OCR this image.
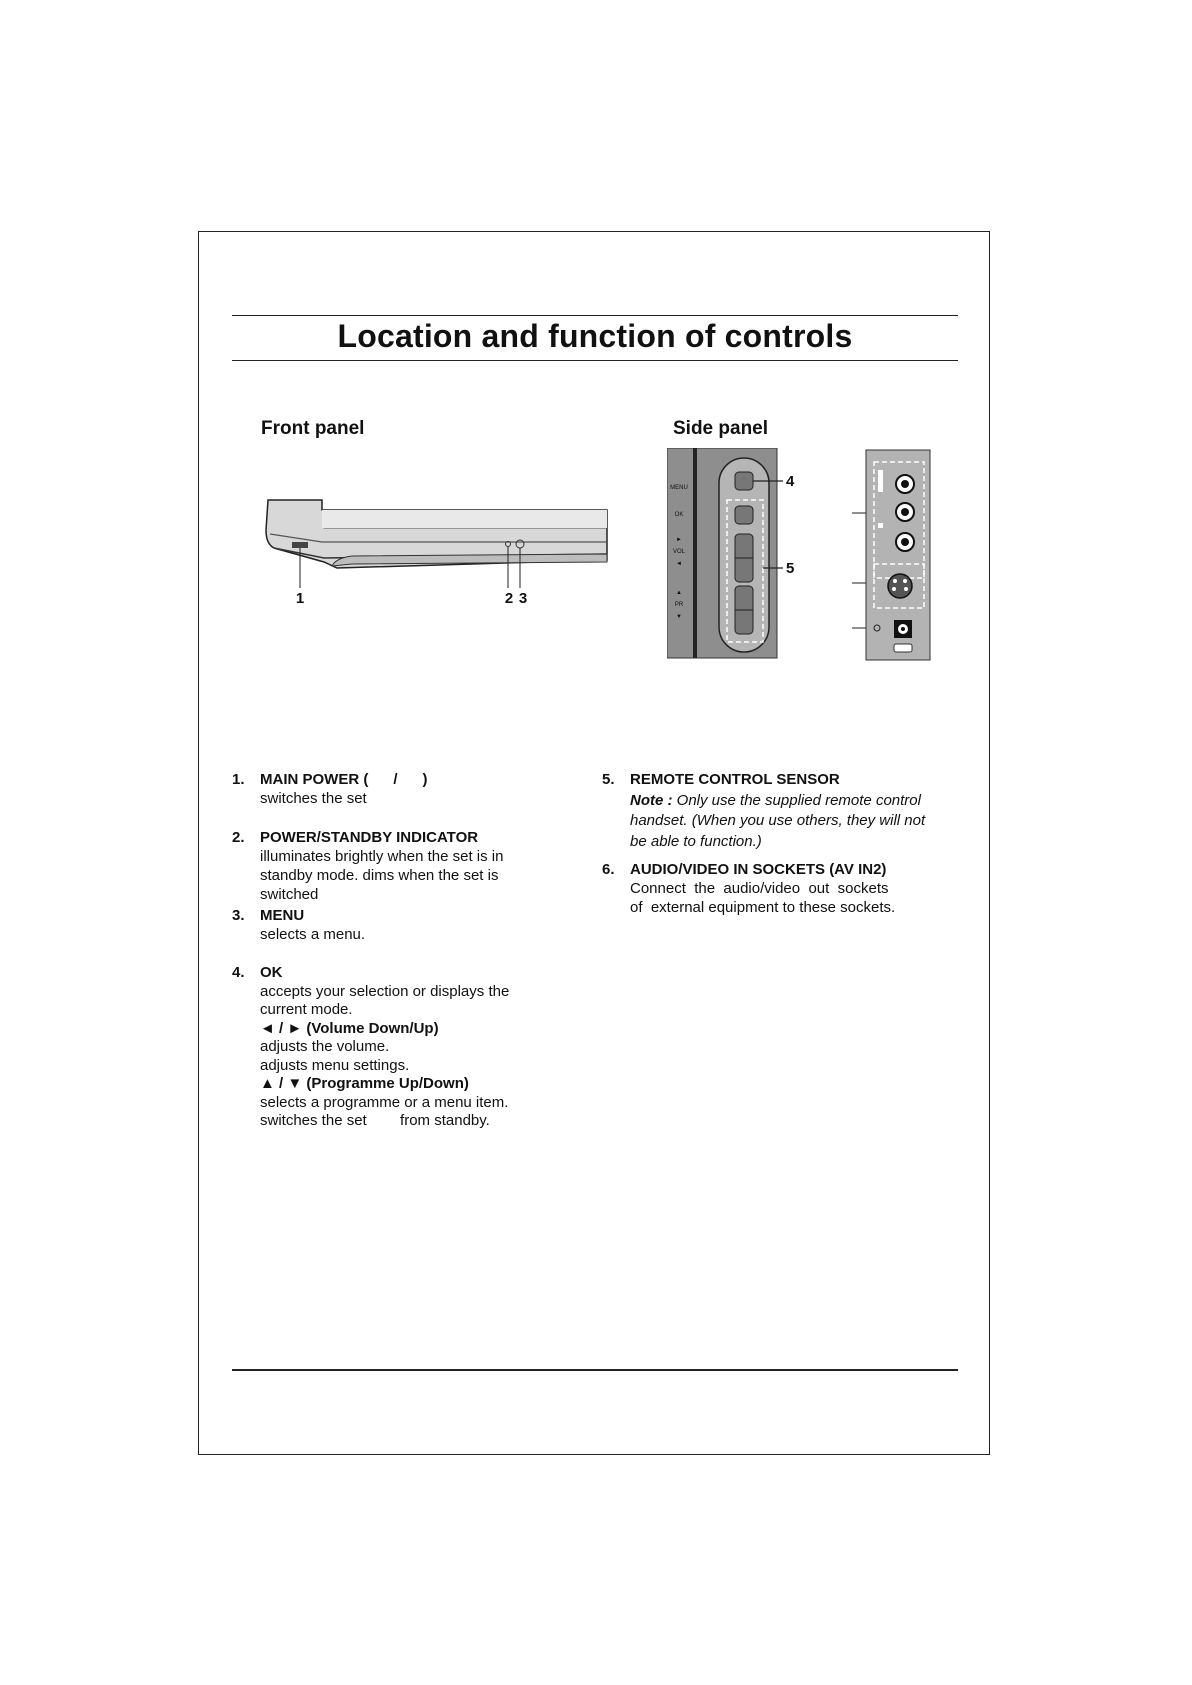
Location and function of controls
Front panel	Side panel
1	2 3
MENU
OK
►
VOL
◄
▲
PR
▼
4
5
1. MAIN POWER (      /      )
switches the set
2. POWER/STANDBY INDICATOR
illuminates brightly when the set is in
standby mode. dims when the set is
switched
3. MENU
selects a menu.
4. OK
accepts your selection or displays the
current mode.
◄ / ► (Volume Down/Up)
adjusts the volume.
adjusts menu settings.
▲ / ▼ (Programme Up/Down)
selects a programme or a menu item.
switches the set        from standby.
5. REMOTE CONTROL SENSOR
Note : Only use the supplied remote control
handset. (When you use others, they will not
be able to function.)
6. AUDIO/VIDEO IN SOCKETS (AV IN2)
Connect  the  audio/video  out  sockets
of  external equipment to these sockets.
